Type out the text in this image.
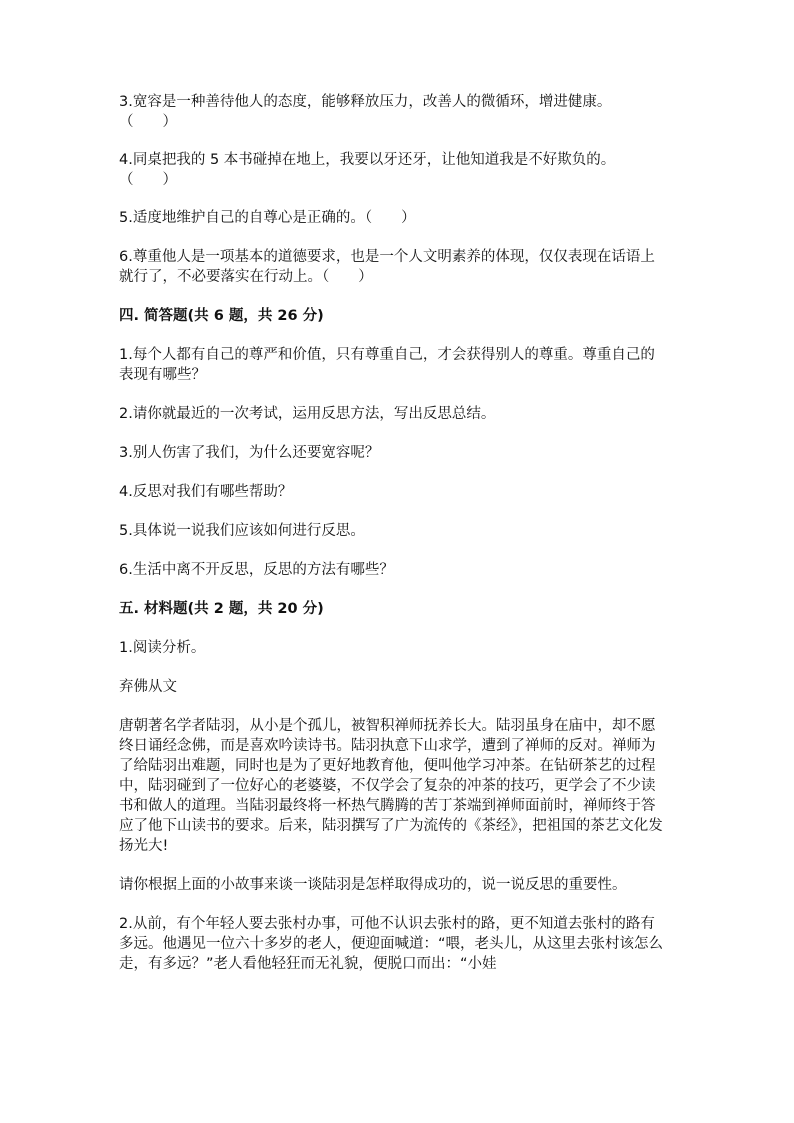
3.宽容是一种善待他人的态度，能够释放压力，改善人的微循环，增进健康。
（　　）

4.同桌把我的 5 本书碰掉在地上，我要以牙还牙，让他知道我是不好欺负的。
（　　）

5.适度地维护自己的自尊心是正确的。（　　）

6.尊重他人是一项基本的道德要求，也是一个人文明素养的体现，仅仅表现在话语上就行了，不必要落实在行动上。（　　）

四. 简答题(共 6 题，共 26 分)

1.每个人都有自己的尊严和价值，只有尊重自己，才会获得别人的尊重。尊重自己的表现有哪些？

2.请你就最近的一次考试，运用反思方法，写出反思总结。

3.别人伤害了我们，为什么还要宽容呢？

4.反思对我们有哪些帮助？

5.具体说一说我们应该如何进行反思。

6.生活中离不开反思，反思的方法有哪些？

五. 材料题(共 2 题，共 20 分)

1.阅读分析。

弃佛从文

唐朝著名学者陆羽，从小是个孤儿，被智积禅师抚养长大。陆羽虽身在庙中，却不愿终日诵经念佛，而是喜欢吟读诗书。陆羽执意下山求学，遭到了禅师的反对。禅师为了给陆羽出难题，同时也是为了更好地教育他，便叫他学习冲茶。在钻研茶艺的过程中，陆羽碰到了一位好心的老婆婆，不仅学会了复杂的冲茶的技巧，更学会了不少读书和做人的道理。当陆羽最终将一杯热气腾腾的苦丁茶端到禅师面前时，禅师终于答应了他下山读书的要求。后来，陆羽撰写了广为流传的《茶经》，把祖国的茶艺文化发扬光大!

请你根据上面的小故事来谈一谈陆羽是怎样取得成功的，说一说反思的重要性。

2.从前，有个年轻人要去张村办事，可他不认识去张村的路，更不知道去张村的路有多远。他遇见一位六十多岁的老人，便迎面喊道：“喂，老头儿，从这里去张村该怎么走，有多远？”老人看他轻狂而无礼貌，便脱口而出：“小娃
